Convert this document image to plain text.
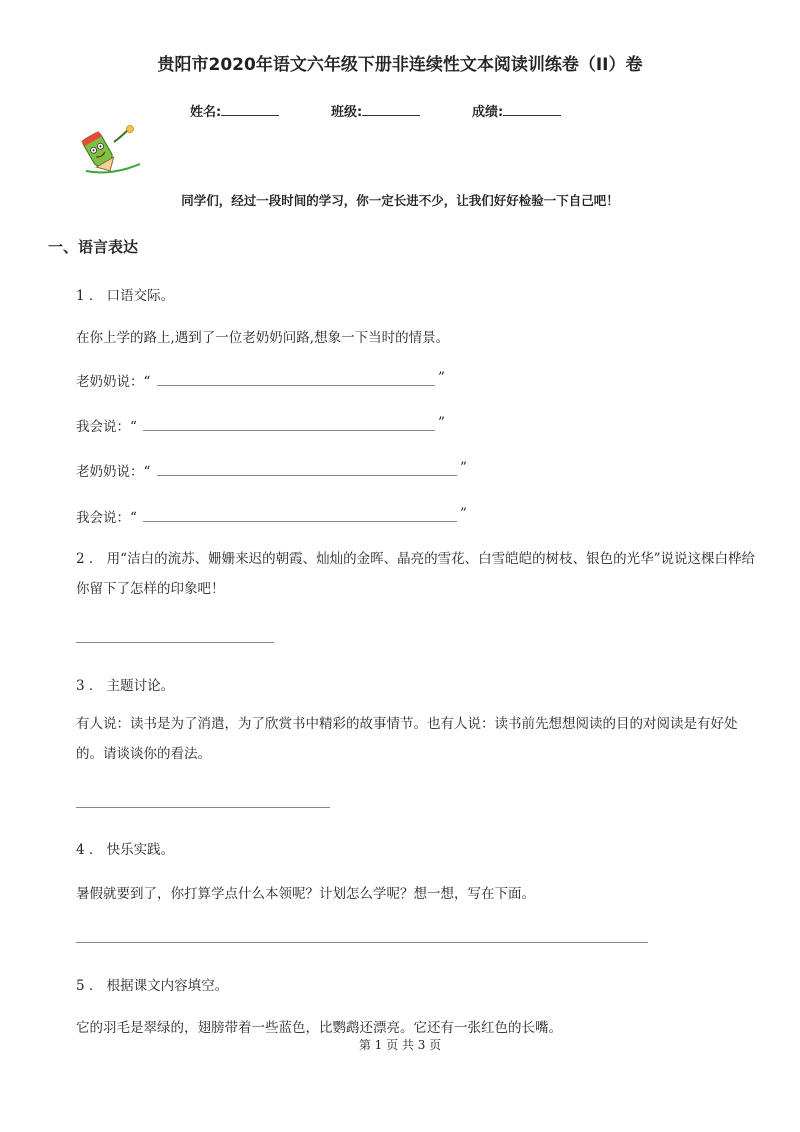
贵阳市2020年语文六年级下册非连续性文本阅读训练卷（II）卷
姓名:	班级:	成绩:
同学们，经过一段时间的学习，你一定长进不少，让我们好好检验一下自己吧！
一、语言表达
1 ． 口语交际。
在你上学的路上,遇到了一位老奶奶问路,想象一下当时的情景。
老奶奶说：“	”
我会说：“	”
老奶奶说：“	”
我会说：“	”
2 ． 用“洁白的流苏、姗姗来迟的朝霞、灿灿的金晖、晶亮的雪花、白雪皑皑的树枝、银色的光华”说说这棵白桦给你留下了怎样的印象吧！
3 ． 主题讨论。
有人说：读书是为了消遣，为了欣赏书中精彩的故事情节。也有人说：读书前先想想阅读的目的对阅读是有好处的。请谈谈你的看法。
4 ． 快乐实践。
暑假就要到了，你打算学点什么本领呢？计划怎么学呢？想一想，写在下面。
5 ． 根据课文内容填空。
它的羽毛是翠绿的，翅膀带着一些蓝色，比鹦鹉还漂亮。它还有一张红色的长嘴。
第 1 页 共 3 页
